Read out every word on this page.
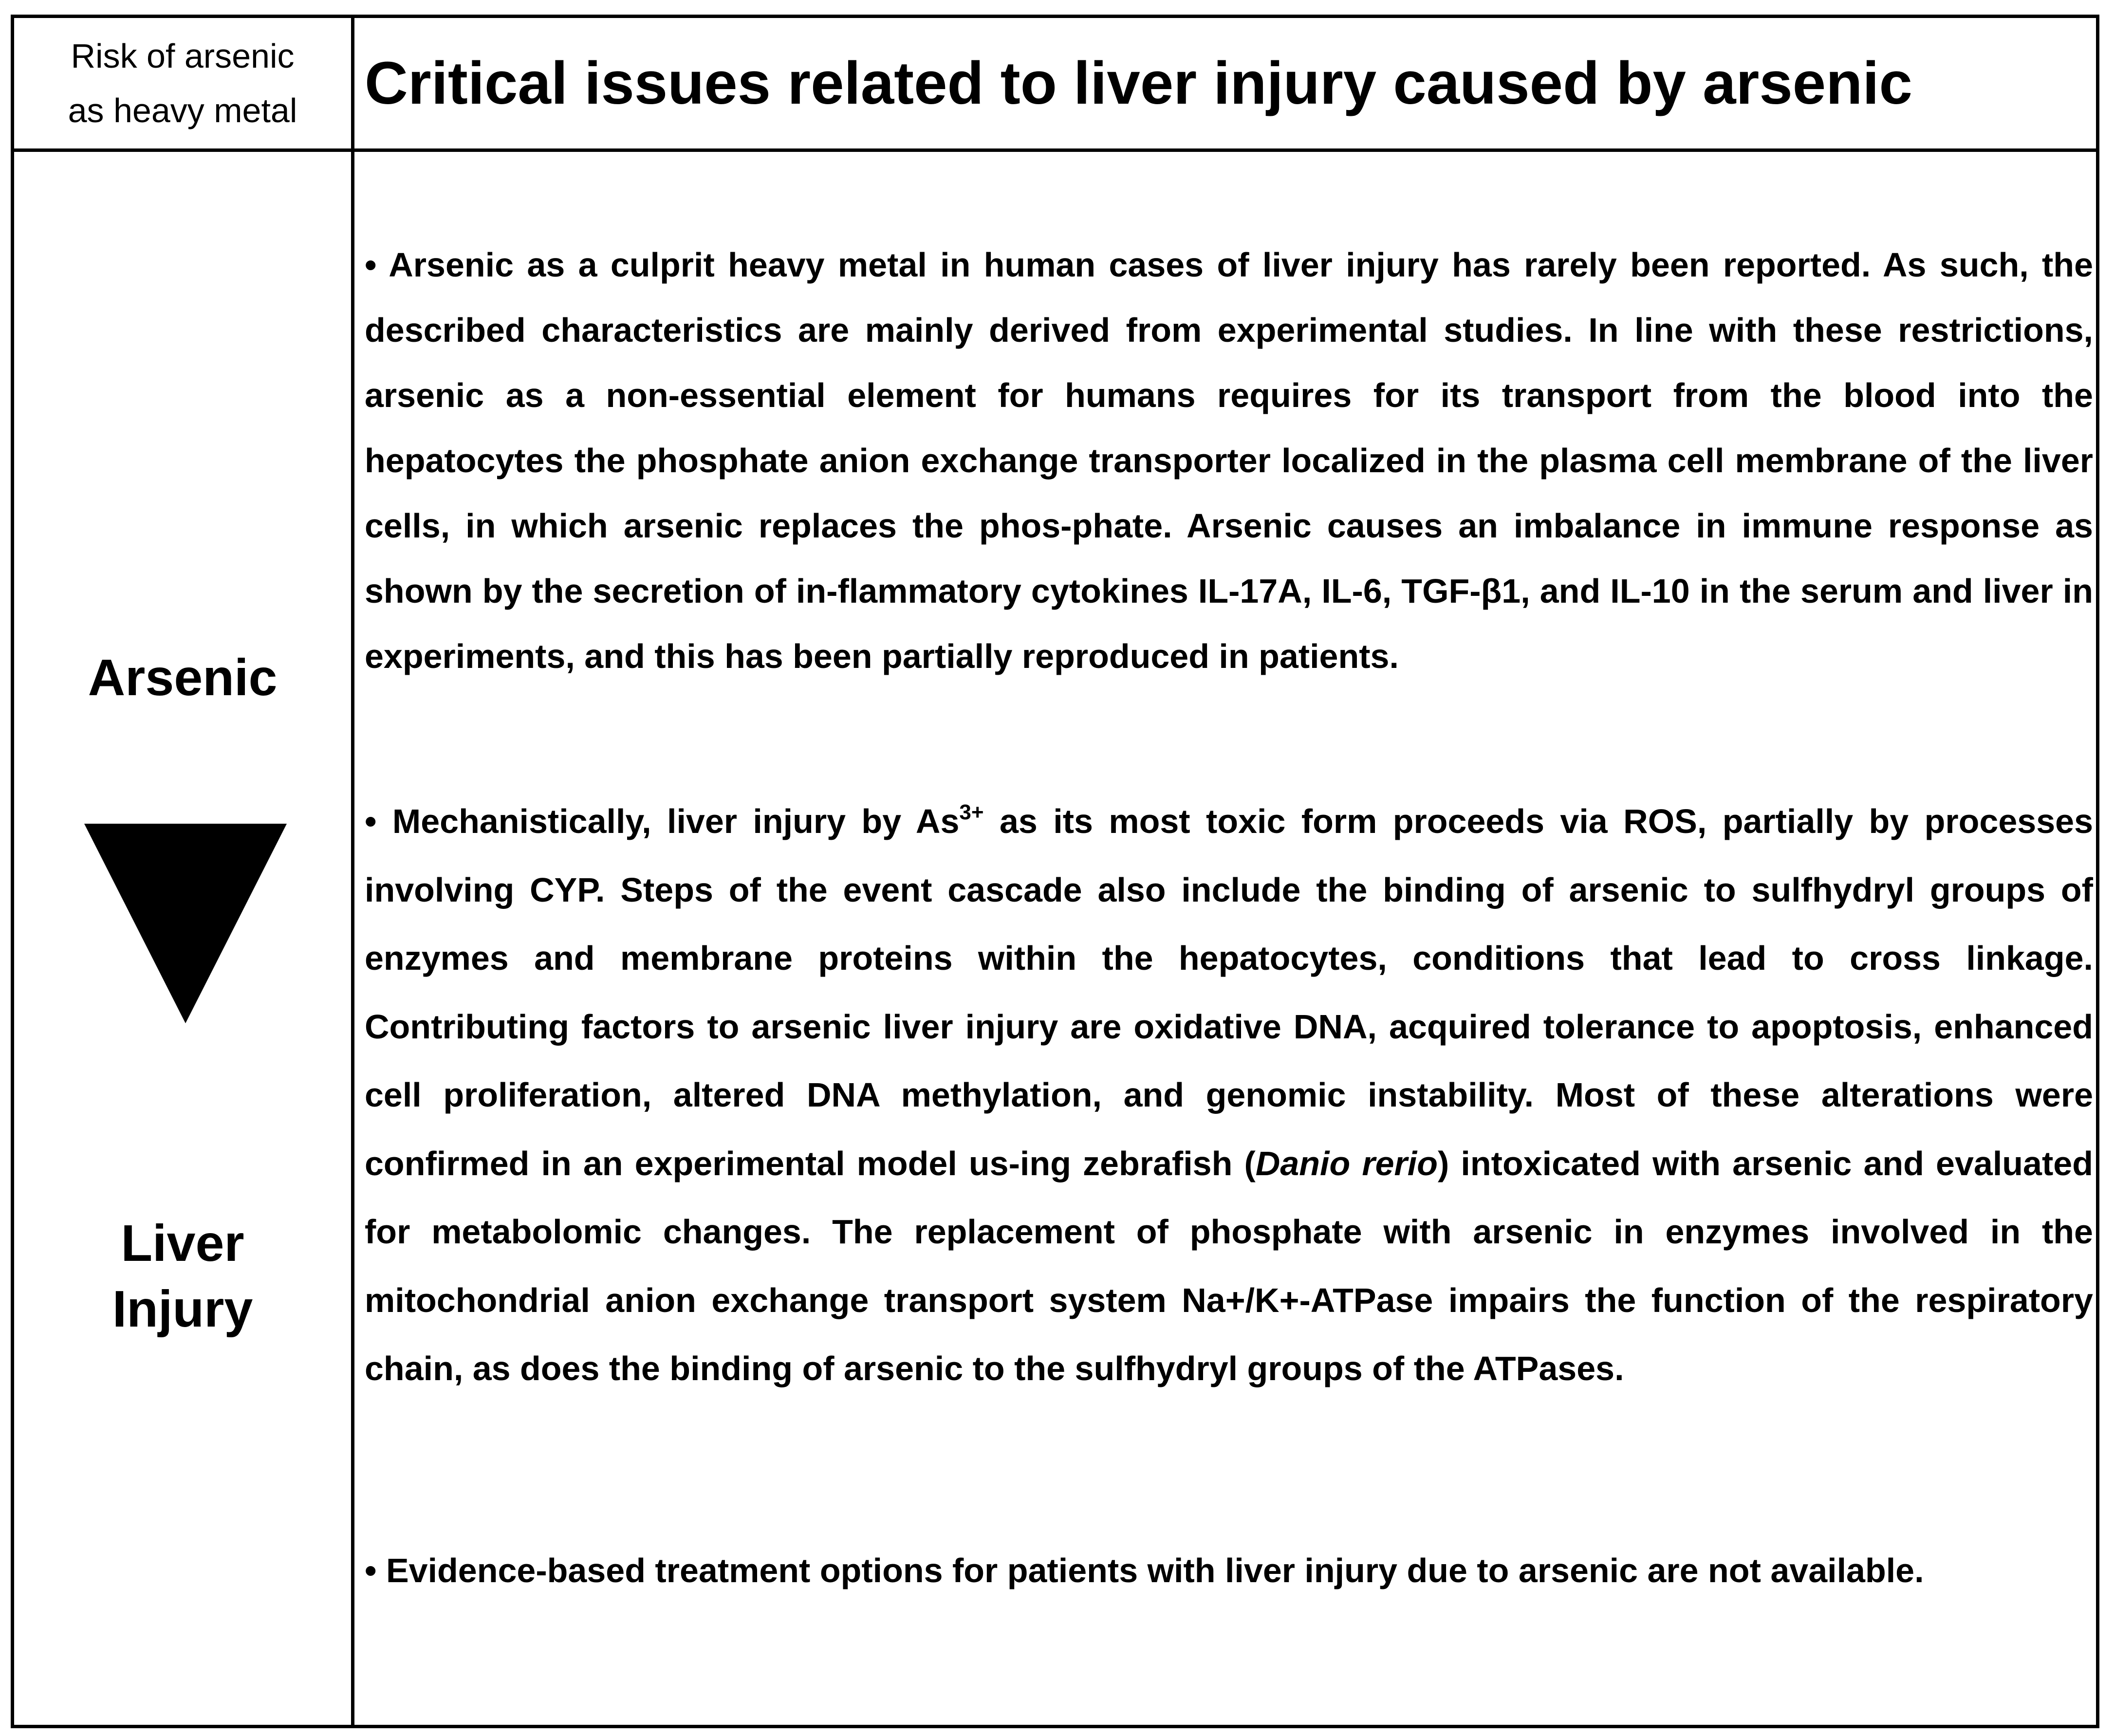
Risk of arsenic
as heavy metal Critical issues related to liver injury caused by arsenic
Arsenic
Liver
Injury
• Arsenic as a culprit heavy metal in human cases of liver injury has rarely been reported. As such, the described characteristics are mainly derived from experimental studies. In line with these restrictions, arsenic as a non-essential element for humans requires for its transport from the blood into the hepatocytes the phosphate anion exchange transporter localized in the plasma cell membrane of the liver cells, in which arsenic replaces the phos-phate. Arsenic causes an imbalance in immune response as shown by the secretion of in-flammatory cytokines IL-17A, IL-6, TGF-β1, and IL-10 in the serum and liver in experiments, and this has been partially reproduced in patients.
• Mechanistically, liver injury by $As^{3+}$ as its most toxic form proceeds via ROS, partially by processes involving CYP. Steps of the event cascade also include the binding of arsenic to sulfhydryl groups of enzymes and membrane proteins within the hepatocytes, conditions that lead to cross linkage. Contributing factors to arsenic liver injury are oxidative DNA, acquired tolerance to apoptosis, enhanced cell proliferation, altered DNA methylation, and genomic instability. Most of these alterations were confirmed in an experimental model us-ing zebrafish (Danio rerio) intoxicated with arsenic and evaluated for metabolomic changes. The replacement of phosphate with arsenic in enzymes involved in the mitochondrial anion exchange transport system Na+/K+-ATPase impairs the function of the respiratory chain, as does the binding of arsenic to the sulfhydryl groups of the ATPases.
• Evidence-based treatment options for patients with liver injury due to arsenic are not available.
